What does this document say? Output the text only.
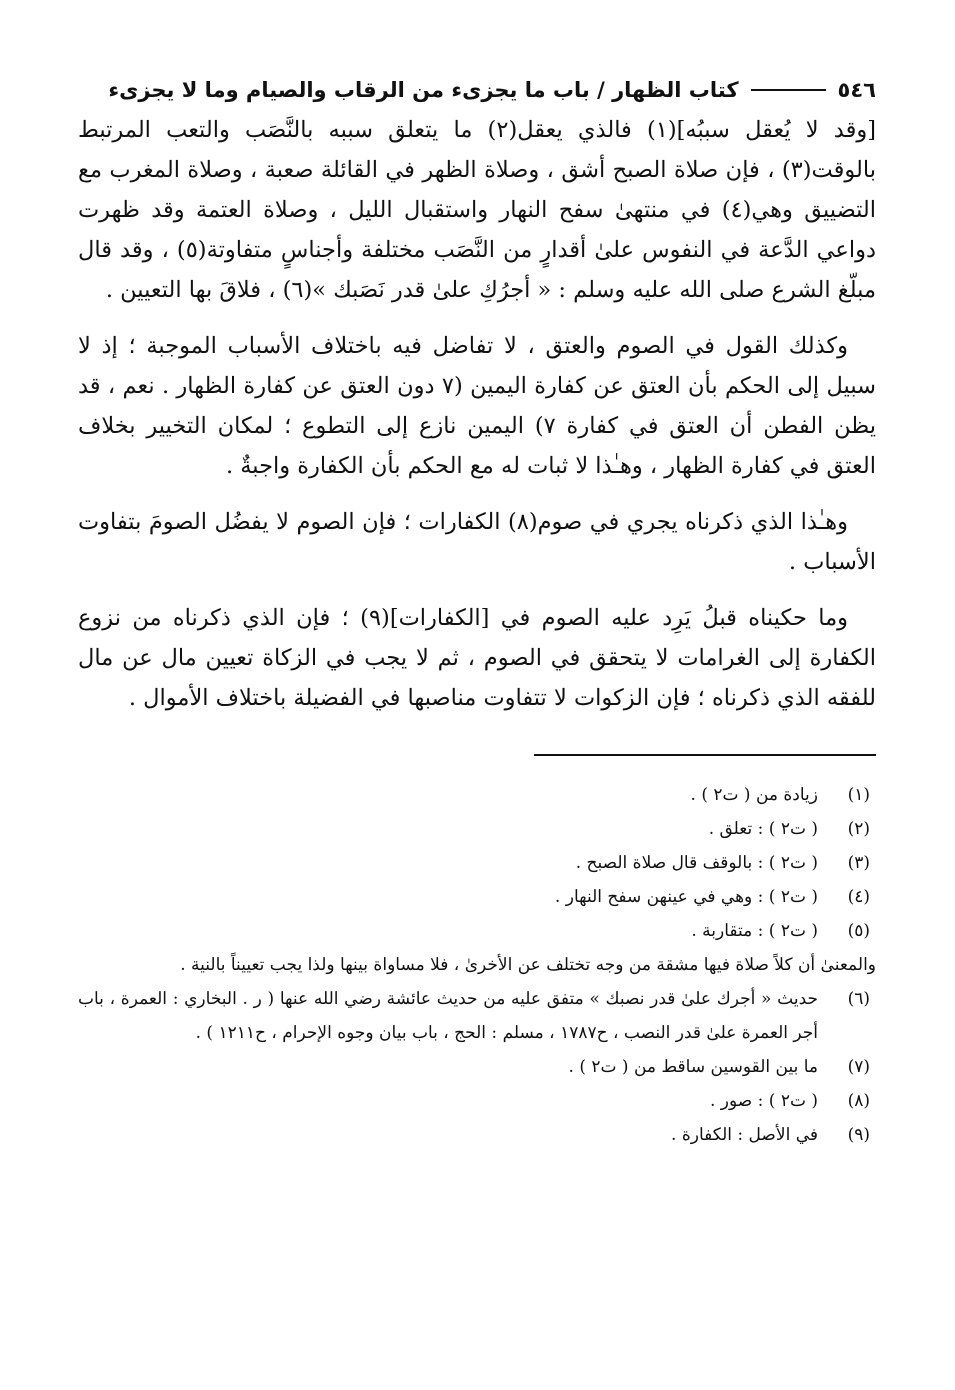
٥٤٦
كتاب الظهار / باب ما يجزىء من الرقاب والصيام وما لا يجزىء

[وقد لا يُعقل سببُه](١) فالذي يعقل(٢) ما يتعلق سببه بالنَّصَب والتعب المرتبط بالوقت(٣) ، فإن صلاة الصبح أشق ، وصلاة الظهر في القائلة صعبة ، وصلاة المغرب مع التضييق وهي(٤) في منتهىٰ سفح النهار واستقبال الليل ، وصلاة العتمة وقد ظهرت دواعي الدَّعة في النفوس علىٰ أقدارٍ من النَّصَب مختلفة وأجناسٍ متفاوتة(٥) ، وقد قال مبلّغ الشرع صلى الله عليه وسلم : « أجرُكِ علىٰ قدر نَصَبك »(٦) ، فلاقَ بها التعيين .

وكذلك القول في الصوم والعتق ، لا تفاضل فيه باختلاف الأسباب الموجبة ؛ إذ لا سبيل إلى الحكم بأن العتق عن كفارة اليمين (٧ دون العتق عن كفارة الظهار . نعم ، قد يظن الفطن أن العتق في كفارة ٧) اليمين نازع إلى التطوع ؛ لمكان التخيير بخلاف العتق في كفارة الظهار ، وهـٰذا لا ثبات له مع الحكم بأن الكفارة واجبةٌ .

وهـٰذا الذي ذكرناه يجري في صوم(٨) الكفارات ؛ فإن الصوم لا يفضُل الصومَ بتفاوت الأسباب .

وما حكيناه قبلُ يَرِد عليه الصوم في [الكفارات](٩) ؛ فإن الذي ذكرناه من نزوع الكفارة إلى الغرامات لا يتحقق في الصوم ، ثم لا يجب في الزكاة تعيين مال عن مال للفقه الذي ذكرناه ؛ فإن الزكوات لا تتفاوت مناصبها في الفضيلة باختلاف الأموال .

(١)
زيادة من ( ت٢ ) .
(٢)
( ت٢ ) : تعلق .
(٣)
( ت٢ ) : بالوقف قال صلاة الصبح .
(٤)
( ت٢ ) : وهي في عينهن سفح النهار .
(٥)
( ت٢ ) : متقاربة .
والمعنىٰ أن كلاً صلاة فيها مشقة من وجه تختلف عن الأخرىٰ ، فلا مساواة بينها ولذا يجب تعييناً بالنية .
(٦)
حديث « أجرك علىٰ قدر نصبك » متفق عليه من حديث عائشة رضي الله عنها ( ر . البخاري : العمرة ، باب أجر العمرة علىٰ قدر النصب ، ح١٧٨٧ ، مسلم : الحج ، باب بيان وجوه الإحرام ، ح١٢١١ ) .
(٧)
ما بين القوسين ساقط من ( ت٢ ) .
(٨)
( ت٢ ) : صور .
(٩)
في الأصل : الكفارة .
